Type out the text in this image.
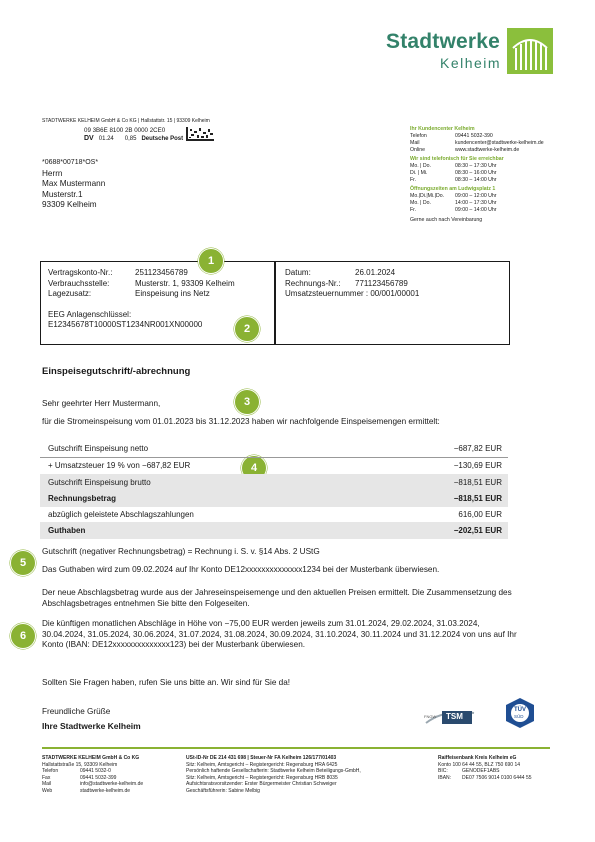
Stadtwerke
Kelheim
STADTWERKE KELHEIM GmbH & Co KG | Hallstattstr. 15 | 93309 Kelheim
09 3B6E 8100 2B 0000 2CE0
DV 01.24 0,85 Deutsche Post
*0688*00718*OS*
Herrn
Max Mustermann
Musterstr.1
93309 Kelheim
Ihr Kundencenter Kelheim
Telefon	09441 5032-390
Mail	kundencenter@stadtwerke-kelheim.de
Online	www.stadtwerke-kelheim.de
Wir sind telefonisch für Sie erreichbar
Mo. | Do.	08:30 – 17:30 Uhr
Di. | Mi.	08:30 – 16:00 Uhr
Fr.	08:30 – 14:00 Uhr
Öffnungszeiten am Ludwigsplatz 1
Mo.|Di.|Mi.|Do.	09:00 – 12:00 Uhr
Mo. | Do.	14:00 – 17:30 Uhr
Fr.	09:00 – 14:00 Uhr
Gerne auch nach Vereinbarung
Vertragskonto-Nr.:	251123456789
Verbrauchsstelle:	Musterstr. 1, 93309 Kelheim
Lagezusatz:	Einspeisung ins Netz
EEG Anlagenschlüssel:
E12345678T10000ST1234NR001XN00000
Datum:	26.01.2024
Rechnungs-Nr.: 771123456789
Umsatzsteuernummer : 00/001/00001
1
2
3
4
5
6
Einspeisegutschrift/-abrechnung
Sehr geehrter Herr Mustermann,
für die Stromeinspeisung vom 01.01.2023 bis 31.12.2023 haben wir nachfolgende Einspeisemengen ermittelt:
Gutschrift Einspeisung netto	−687,82 EUR
+ Umsatzsteuer 19 % von −687,82 EUR	−130,69 EUR
Gutschrift Einspeisung brutto	−818,51 EUR
Rechnungsbetrag	−818,51 EUR
abzüglich geleistete Abschlagszahlungen	616,00 EUR
Guthaben	−202,51 EUR
Gutschrift (negativer Rechnungsbetrag) = Rechnung i. S. v. §14 Abs. 2 UStG
Das Guthaben wird zum 09.02.2024 auf Ihr Konto DE12xxxxxxxxxxxxxx1234 bei der Musterbank überwiesen.
Der neue Abschlagsbetrag wurde aus der Jahreseinspeisemenge und den aktuellen Preisen ermittelt. Die Zusammensetzung des Abschlagsbetrages entnehmen Sie bitte den Folgeseiten.
Die künftigen monatlichen Abschläge in Höhe von −75,00 EUR werden jeweils zum 31.01.2024, 29.02.2024, 31.03.2024, 30.04.2024, 31.05.2024, 30.06.2024, 31.07.2024, 31.08.2024, 30.09.2024, 31.10.2024, 30.11.2024 und 31.12.2024 von uns auf Ihr Konto (IBAN: DE12xxxxxxxxxxxxxx123) bei der Musterbank überwiesen.
Sollten Sie Fragen haben, rufen Sie uns bitte an. Wir sind für Sie da!
Freundliche Grüße
Ihre Stadtwerke Kelheim
FNGW TSM
TÜV
SÜD
STADTWERKE KELHEIM GmbH & Co KG
Hallstattstraße 15, 93309 Kelheim
Telefon	09441 5032-0
Fax	09441 5032-399
Mail	info@stadtwerke-kelheim.de
Web	stadtwerke-kelheim.de
USt-ID-Nr DE 214 431 698 | Steuer-Nr FA Kelheim 126/177/01403
Sitz: Kelheim, Amtsgericht – Registergericht: Regensburg HRA 6425
Persönlich haftende Gesellschafterin: Stadtwerke Kelheim Beteiligungs-GmbH,
Sitz: Kelheim, Amtsgericht – Registergericht: Regensburg HRB 8035
Aufsichtsratsvorsitzender: Erster Bürgermeister Christian Schweiger
Geschäftsführerin: Sabine Melbig
Raiffeisenbank Kreis Kelheim eG
Konto 100 64 44 55, BLZ 750 690 14
BIC:	GENODEF1ABS
IBAN:	DE07 7506 9014 0100 6444 55
